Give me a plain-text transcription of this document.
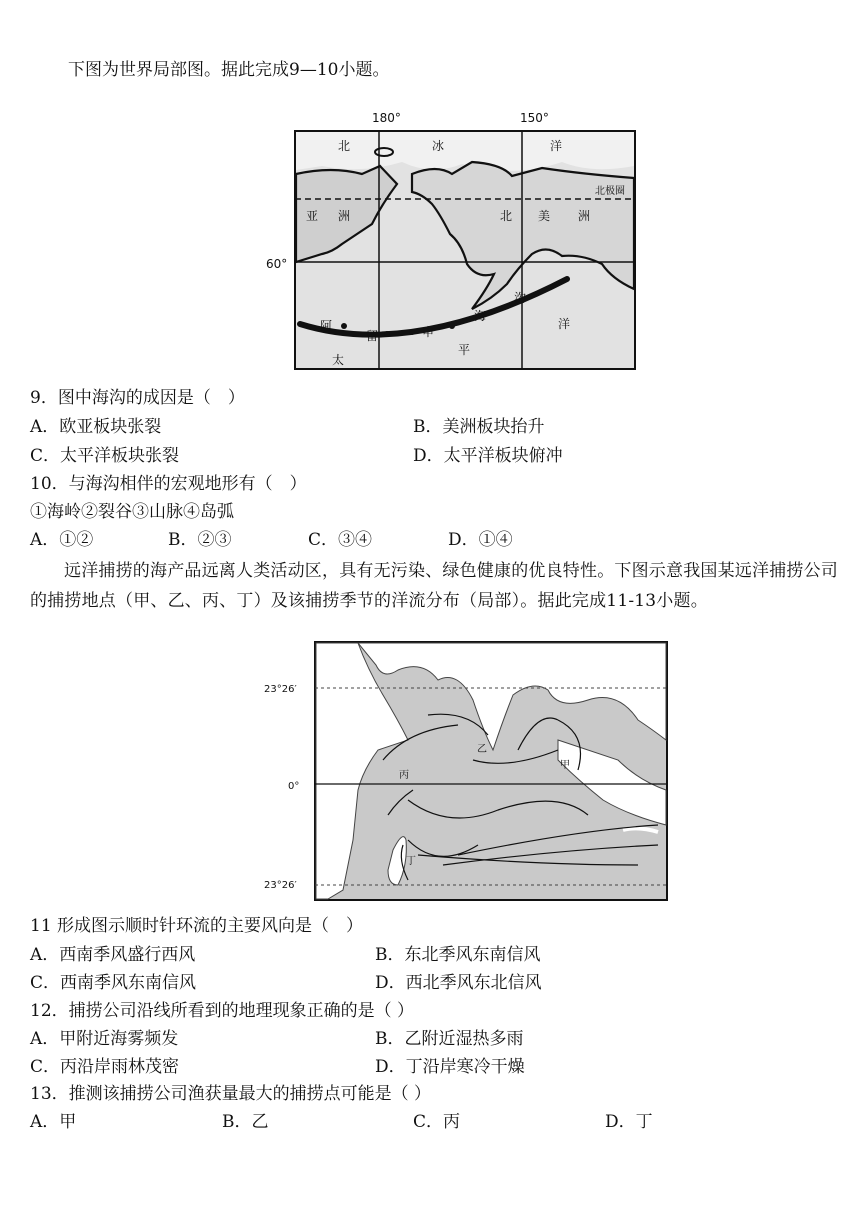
下图为世界局部图。据此完成9—10小题。
180°	150°
60°
北	冰	洋
北极圈
亚 洲	北 美 洲
阿
留	申
海
沟
洋
太
平
9．图中海沟的成因是（　）
A．欧亚板块张裂	B．美洲板块抬升
C．太平洋板块张裂	D．太平洋板块俯冲
10．与海沟相伴的宏观地形有（　）
①海岭②裂谷③山脉④岛弧
A．①②	B．②③	C．③④	D．①④
远洋捕捞的海产品远离人类活动区，具有无污染、绿色健康的优良特性。下图示意我国某远洋捕捞公司的捕捞地点（甲、乙、丙、丁）及该捕捞季节的洋流分布（局部）。据此完成11-13小题。
23°26′
0°
23°26′
乙
甲
丙
丁
11 形成图示顺时针环流的主要风向是（　）
A．西南季风盛行西风	B．东北季风东南信风
C．西南季风东南信风	D．西北季风东北信风
12．捕捞公司沿线所看到的地理现象正确的是（ ）
A．甲附近海雾频发	B．乙附近湿热多雨
C．丙沿岸雨林茂密	D．丁沿岸寒冷干燥
13．推测该捕捞公司渔获量最大的捕捞点可能是（ ）
A．甲	B．乙	C．丙	D．丁
